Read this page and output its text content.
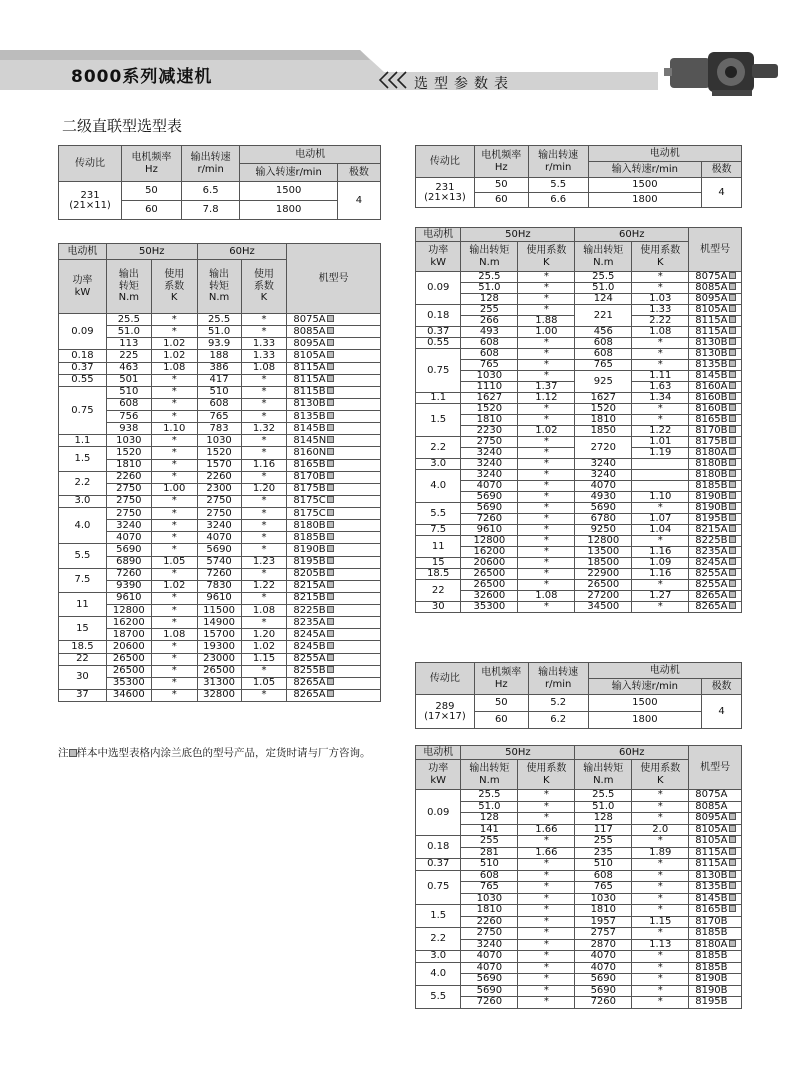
8000系列减速机	选型参数表
二级直联型选型表
传动比	电机频率
Hz	输出转速
r/min	电动机	
			输入转速r/min	极数
231
(21×11)	50	6.5	1500	4
	60	7.8	1800	
传动比	电机频率
Hz	输出转速
r/min	电动机	
			输入转速r/min	极数
231
(21×13)	50	5.5	1500	4
	60	6.6	1800	
传动比	电机频率
Hz	输出转速
r/min	电动机	
			输入转速r/min	极数
289
(17×17)	50	5.2	1500	4
	60	6.2	1800	
电动机	50Hz		60Hz		机型号
功率
kW	输出
转矩
N.m	使用
系数
K	输出
转矩
N.m	使用
系数
K	
0.09	25.5	*	25.5	*	8075A
	51.0	*	51.0	*	8085A
	113	1.02	93.9	1.33	8095A
0.18	225	1.02	188	1.33	8105A
0.37	463	1.08	386	1.08	8115A
0.55	501	*	417	*	8115A
0.75	510	*	510	*	8115B
	608	*	608	*	8130B
	756	*	765	*	8135B
	938	1.10	783	1.32	8145B
1.1	1030	*	1030	*	8145N
1.5	1520	*	1520	*	8160N
	1810	*	1570	1.16	8165B
2.2	2260	*	2260	*	8170B
	2750	1.00	2300	1.20	8175B
3.0	2750	*	2750	*	8175C
4.0	2750	*	2750	*	8175C
	3240	*	3240	*	8180B
	4070	*	4070	*	8185B
5.5	5690	*	5690	*	8190B
	6890	1.05	5740	1.23	8195B
7.5	7260	*	7260	*	8205B
	9390	1.02	7830	1.22	8215A
11	9610	*	9610	*	8215B
	12800	*	11500	1.08	8225B
15	16200	*	14900	*	8235A
	18700	1.08	15700	1.20	8245A
18.5	20600	*	19300	1.02	8245B
22	26500	*	23000	1.15	8255A
30	26500	*	26500	*	8255B
	35300	*	31300	1.05	8265A
37	34600	*	32800	*	8265A
电动机	50Hz		60Hz		机型号
功率
kW	输出转矩
N.m	使用系数
K	输出转矩
N.m	使用系数
K	
0.09	25.5	*	25.5	*	8075A
	51.0	*	51.0	*	8085A
	128	*	124	1.03	8095A
0.18	255	*	221	1.33	8105A
	266	1.88		2.22	8115A
0.37	493	1.00	456	1.08	8115A
0.55	608	*	608	*	8130B
0.75	608	*	608	*	8130B
	765	*	765	*	8135B
	1030	*	925	1.11	8145B
	1110	1.37		1.63	8160A
1.1	1627	1.12	1627	1.34	8160B
1.5	1520	*	1520	*	8160B
	1810	*	1810	*	8165B
	2230	1.02	1850	1.22	8170B
2.2	2750	*	2720	1.01	8175B
	3240	*		1.19	8180A
3.0	3240	*	3240		8180B
4.0	3240	*	3240		8180B
	4070	*	4070		8185B
	5690	*	4930	1.10	8190B
5.5	5690	*	5690	*	8190B
	7260	*	6780	1.07	8195B
7.5	9610	*	9250	1.04	8215A
11	12800	*	12800	*	8225B
	16200	*	13500	1.16	8235A
15	20600	*	18500	1.09	8245A
18.5	26500	*	22900	1.16	8255A
22	26500	*	26500	*	8255A
	32600	1.08	27200	1.27	8265A
30	35300	*	34500	*	8265A
电动机	50Hz		60Hz		机型号
功率
kW	输出转矩
N.m	使用系数
K	输出转矩
N.m	使用系数
K	
0.09	25.5	*	25.5	*	8075A
	51.0	*	51.0	*	8085A
	128	*	128	*	8095A
	141	1.66	117	2.0	8105A
0.18	255	*	255	*	8105A
	281	1.66	235	1.89	8115A
0.37	510	*	510	*	8115A
0.75	608	*	608	*	8130B
	765	*	765	*	8135B
	1030	*	1030	*	8145B
1.5	1810	*	1810	*	8165B
	2260	*	1957	1.15	8170B
2.2	2750	*	2757	*	8185B
	3240	*	2870	1.13	8180A
3.0	4070	*	4070	*	8185B
4.0	4070	*	4070	*	8185B
	5690	*	5690	*	8190B
5.5	5690	*	5690	*	8190B
	7260	*	7260	*	8195B
注 样本中选型表格内涂兰底色的型号产品，定货时请与厂方咨询。
